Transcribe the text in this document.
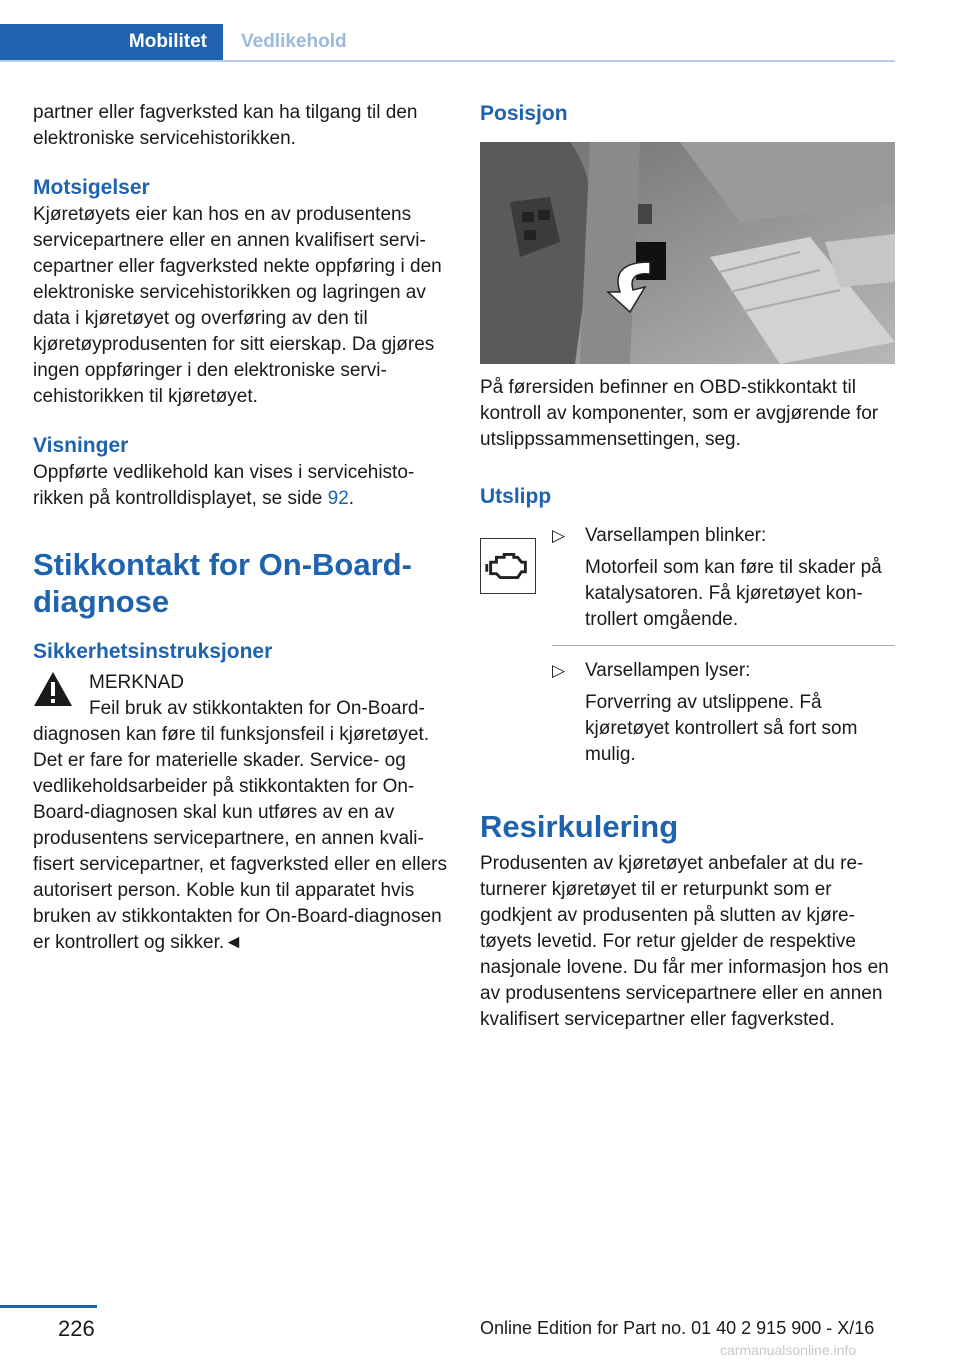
Mobilitet Vedlikehold

partner eller fagverksted kan ha tilgang til den elektroniske servicehistorikken.

Motsigelser

Kjøretøyets eier kan hos en av produsentens servicepartnere eller en annen kvalifisert servicepartner eller fagverksted nekte oppføring i den elektroniske servicehistorikken og lagringen av data i kjøretøyet og overføring av den til kjøretøyprodusenten for sitt eierskap. Da gjøres ingen oppføringer i den elektroniske servicehistorikken til kjøretøyet.

Visninger

Oppførte vedlikehold kan vises i servicehistorikken på kontrolldisplayet, se side 92.

Stikkontakt for On-Board-diagnose
Sikkerhetsinstruksjoner
MERKNAD
Feil bruk av stikkontakten for On-Board-
diagnosen kan føre til funksjonsfeil i kjøretøyet. Det er fare for materielle skader. Service- og vedlikeholdsarbeider på stikkontakten for On-Board-diagnosen skal kun utføres av en av produsentens servicepartnere, en annen kvalifisert servicepartner, et fagverksted eller en ellers autorisert person. Koble kun til apparatet hvis bruken av stikkontakten for On-Board-diagnosen er kontrollert og sikker.◄
Posisjon

På førersiden befinner en OBD-stikkontakt til kontroll av komponenter, som er avgjørende for utslippssammensettingen, seg.

Utslipp
▷ Varsellampen blinker:
Motorfeil som kan føre til skader på katalysatoren. Få kjøretøyet kontrollert omgående.
▷ Varsellampen lyser:
Forverring av utslippene. Få kjøretøyet kontrollert så fort som mulig.
Resirkulering

Produsenten av kjøretøyet anbefaler at du returnerer kjøretøyet til er returpunkt som er godkjent av produsenten på slutten av kjøretøyets levetid. For retur gjelder de respektive nasjonale lovene. Du får mer informasjon hos en av produsentens servicepartnere eller en annen kvalifisert servicepartner eller fagverksted.

226	Online Edition for Part no. 01 40 2 915 900 - X/16
carmanualsonline.info
